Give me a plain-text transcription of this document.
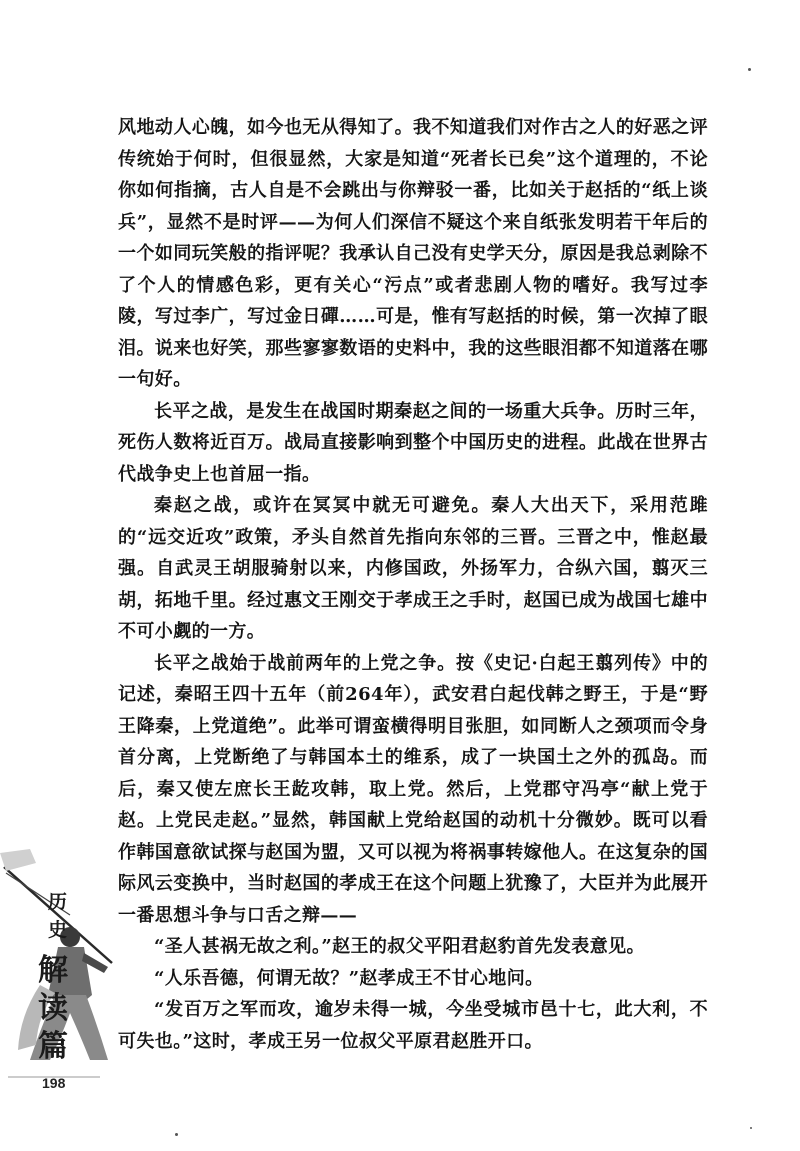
风地动人心魄，如今也无从得知了。我不知道我们对作古之人的好恶之评传统始于何时，但很显然，大家是知道“死者长已矣”这个道理的，不论你如何指摘，古人自是不会跳出与你辩驳一番，比如关于赵括的“纸上谈兵”，显然不是时评——为何人们深信不疑这个来自纸张发明若干年后的一个如同玩笑般的指评呢？我承认自己没有史学天分，原因是我总剥除不了个人的情感色彩，更有关心“污点”或者悲剧人物的嗜好。我写过李陵，写过李广，写过金日磾……可是，惟有写赵括的时候，第一次掉了眼泪。说来也好笑，那些寥寥数语的史料中，我的这些眼泪都不知道落在哪一句好。

长平之战，是发生在战国时期秦赵之间的一场重大兵争。历时三年，死伤人数将近百万。战局直接影响到整个中国历史的进程。此战在世界古代战争史上也首屈一指。

秦赵之战，或许在冥冥中就无可避免。秦人大出天下，采用范雎的“远交近攻”政策，矛头自然首先指向东邻的三晋。三晋之中，惟赵最强。自武灵王胡服骑射以来，内修国政，外扬军力，合纵六国，翦灭三胡，拓地千里。经过惠文王刚交于孝成王之手时，赵国已成为战国七雄中不可小觑的一方。

长平之战始于战前两年的上党之争。按《史记·白起王翦列传》中的记述，秦昭王四十五年（前264年），武安君白起伐韩之野王，于是“野王降秦，上党道绝”。此举可谓蛮横得明目张胆，如同断人之颈项而令身首分离，上党断绝了与韩国本土的维系，成了一块国土之外的孤岛。而后，秦又使左庶长王龁攻韩，取上党。然后，上党郡守冯亭“献上党于赵。上党民走赵。”显然，韩国献上党给赵国的动机十分微妙。既可以看作韩国意欲试探与赵国为盟，又可以视为将祸事转嫁他人。在这复杂的国际风云变换中，当时赵国的孝成王在这个问题上犹豫了，大臣并为此展开一番思想斗争与口舌之辩——

“圣人甚祸无故之利。”赵王的叔父平阳君赵豹首先发表意见。

“人乐吾德，何谓无故？”赵孝成王不甘心地问。

“发百万之军而攻，逾岁未得一城，今坐受城市邑十七，此大利，不可失也。”这时，孝成王另一位叔父平原君赵胜开口。

历
史
解
读
篇
198
